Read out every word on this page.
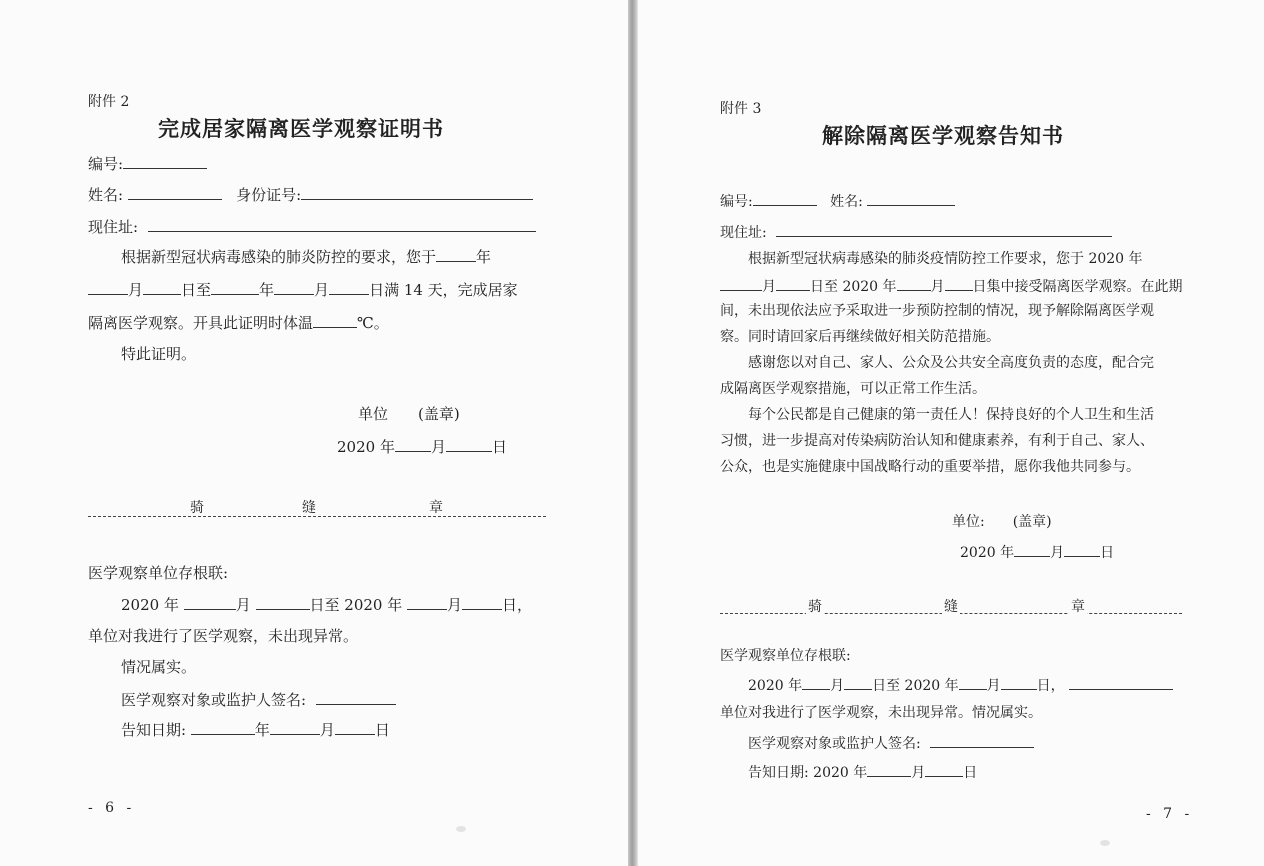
附件 2
完成居家隔离医学观察证明书
编号:
姓名:	身份证号:
现住址:
根据新型冠状病毒感染的肺炎防控的要求，您于	年
月	日至	年	月	日满 14 天，完成居家
隔离医学观察。开具此证明时体温	℃。
特此证明。
单位　　(盖章)
2020 年 月	日
骑	缝	章
医学观察单位存根联:
2020 年	月	日至 2020 年	月	日，
单位对我进行了医学观察，未出现异常。
情况属实。
医学观察对象或监护人签名:
告知日期:	年	月	日
- 6 -
附件 3
解除隔离医学观察告知书
编号:	姓名:
现住址:
根据新型冠状病毒感染的肺炎疫情防控工作要求，您于 2020 年
月 日至 2020 年 月 日集中接受隔离医学观察。在此期
间，未出现依法应予采取进一步预防控制的情况，现予解除隔离医学观
察。同时请回家后再继续做好相关防范措施。
感谢您以对自己、家人、公众及公共安全高度负责的态度，配合完
成隔离医学观察措施，可以正常工作生活。
每个公民都是自己健康的第一责任人！保持良好的个人卫生和生活
习惯，进一步提高对传染病防治认知和健康素养，有利于自己、家人、
公众，也是实施健康中国战略行动的重要举措，愿你我他共同参与。
单位:　　(盖章)
2020 年	月	日
骑	缝	章
医学观察单位存根联:
2020 年 月 日至 2020 年 月	日，
单位对我进行了医学观察，未出现异常。情况属实。
医学观察对象或监护人签名:
告知日期: 2020 年	月	日
- 7 -
